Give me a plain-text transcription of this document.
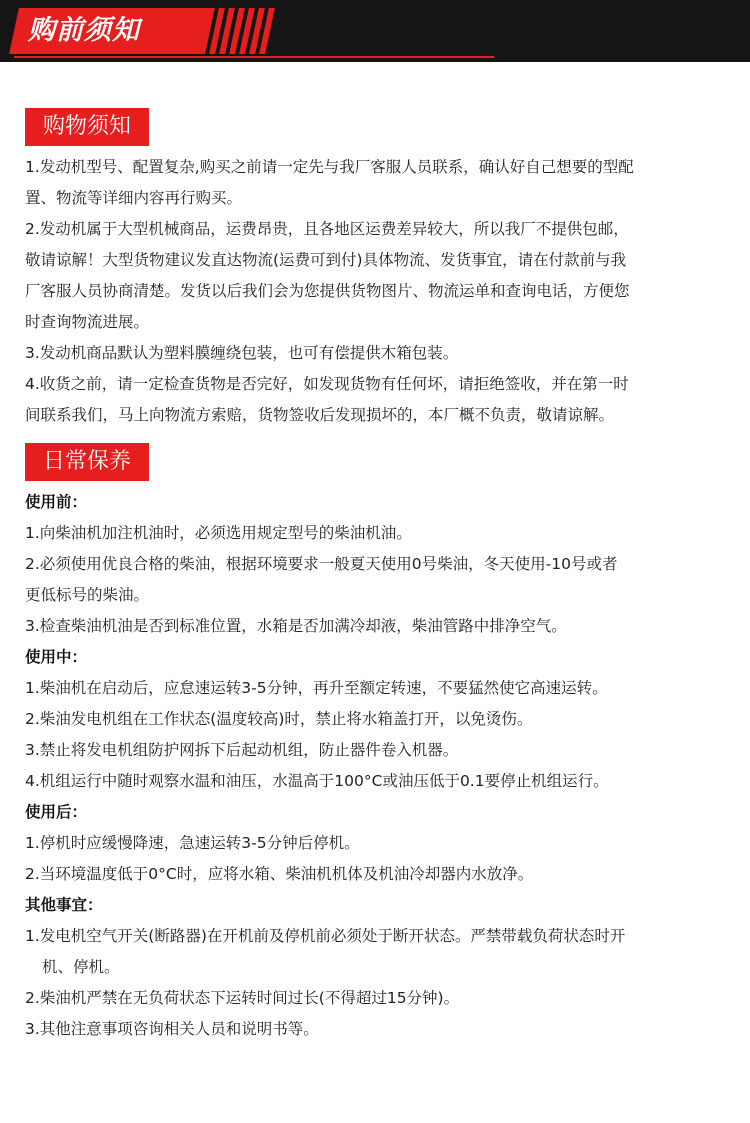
购前须知
购物须知

1.发动机型号、配置复杂,购买之前请一定先与我厂客服人员联系，确认好自己想要的型配

置、物流等详细内容再行购买。

2.发动机属于大型机械商品，运费昂贵，且各地区运费差异较大，所以我厂不提供包邮，

敬请谅解！大型货物建议发直达物流(运费可到付)具体物流、发货事宜，请在付款前与我

厂客服人员协商清楚。发货以后我们会为您提供货物图片、物流运单和查询电话，方便您

时查询物流进展。

3.发动机商品默认为塑料膜缠绕包装，也可有偿提供木箱包装。

4.收货之前，请一定检查货物是否完好，如发现货物有任何坏，请拒绝签收，并在第一时

间联系我们，马上向物流方索赔，货物签收后发现损坏的，本厂概不负责，敬请谅解。

日常保养

使用前：

1.向柴油机加注机油时，必须选用规定型号的柴油机油。

2.必须使用优良合格的柴油，根据环境要求一般夏天使用0号柴油，冬天使用-10号或者

更低标号的柴油。

3.检查柴油机油是否到标准位置，水箱是否加满冷却液，柴油管路中排净空气。

使用中：

1.柴油机在启动后，应怠速运转3-5分钟，再升至额定转速，不要猛然使它高速运转。

2.柴油发电机组在工作状态(温度较高)时，禁止将水箱盖打开，以免烫伤。

3.禁止将发电机组防护网拆下后起动机组，防止器件卷入机器。

4.机组运行中随时观察水温和油压，水温高于100°C或油压低于0.1要停止机组运行。

使用后：

1.停机时应缓慢降速，急速运转3-5分钟后停机。

2.当环境温度低于0°C时，应将水箱、柴油机机体及机油冷却器内水放净。

其他事宜：

1.发电机空气开关(断路器)在开机前及停机前必须处于断开状态。严禁带载负荷状态时开

机、停机。

2.柴油机严禁在无负荷状态下运转时间过长(不得超过15分钟)。

3.其他注意事项咨询相关人员和说明书等。
